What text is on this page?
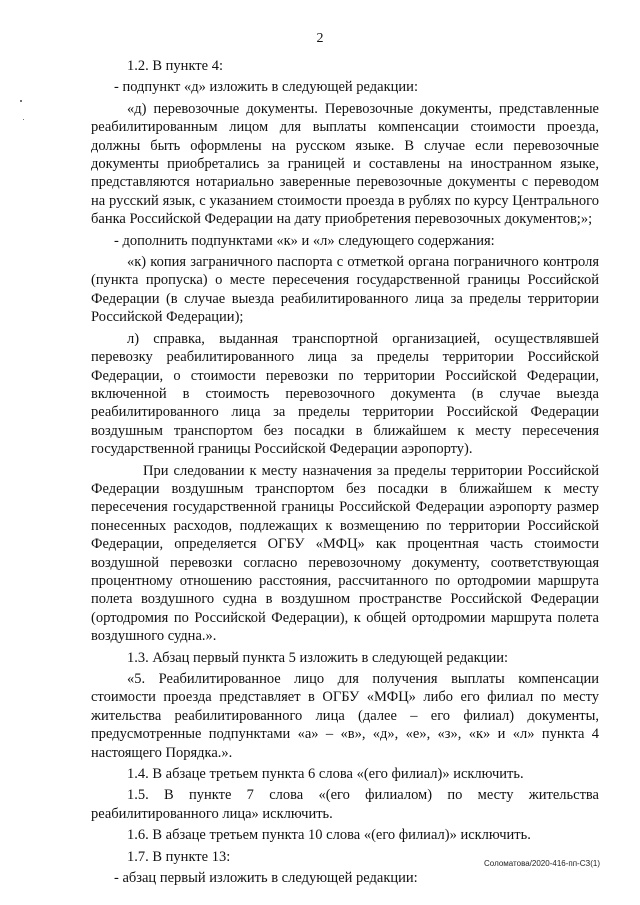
2

1.2. В пункте 4:

- подпункт «д» изложить в следующей редакции:

«д) перевозочные документы. Перевозочные документы, представленные реабилитированным лицом для выплаты компенсации стоимости проезда, должны быть оформлены на русском языке. В случае если перевозочные документы приобретались за границей и составлены на иностранном языке, представляются нотариально заверенные перевозочные документы с переводом на русский язык, с указанием стоимости проезда в рублях по курсу Центрального банка Российской Федерации на дату приобретения перевозочных документов;»;

- дополнить подпунктами «к» и «л» следующего содержания:

«к) копия заграничного паспорта с отметкой органа пограничного контроля (пункта пропуска) о месте пересечения государственной границы Российской Федерации (в случае выезда реабилитированного лица за пределы территории Российской Федерации);

л) справка, выданная транспортной организацией, осуществлявшей перевозку реабилитированного лица за пределы территории Российской Федерации, о стоимости перевозки по территории Российской Федерации, включенной в стоимость перевозочного документа (в случае выезда реабилитированного лица за пределы территории Российской Федерации воздушным транспортом без посадки в ближайшем к месту пересечения государственной границы Российской Федерации аэропорту).

При следовании к месту назначения за пределы территории Российской Федерации воздушным транспортом без посадки в ближайшем к месту пересечения государственной границы Российской Федерации аэропорту размер понесенных расходов, подлежащих к возмещению по территории Российской Федерации, определяется ОГБУ «МФЦ» как процентная часть стоимости воздушной перевозки согласно перевозочному документу, соответствующая процентному отношению расстояния, рассчитанного по ортодромии маршрута полета воздушного судна в воздушном пространстве Российской Федерации (ортодромия по Российской Федерации), к общей ортодромии маршрута полета воздушного судна.».

1.3. Абзац первый пункта 5 изложить в следующей редакции:

«5. Реабилитированное лицо для получения выплаты компенсации стоимости проезда представляет в ОГБУ «МФЦ» либо его филиал по месту жительства реабилитированного лица (далее – его филиал) документы, предусмотренные подпунктами «а» – «в», «д», «е», «з», «к» и «л» пункта 4 настоящего Порядка.».

1.4. В абзаце третьем пункта 6 слова «(его филиал)» исключить.

1.5. В пункте 7 слова «(его филиалом) по месту жительства реабилитированного лица» исключить.

1.6. В абзаце третьем пункта 10 слова «(его филиал)» исключить.

1.7. В пункте 13:

- абзац первый изложить в следующей редакции:

Соломатова/2020-416-пп-СЗ(1)
